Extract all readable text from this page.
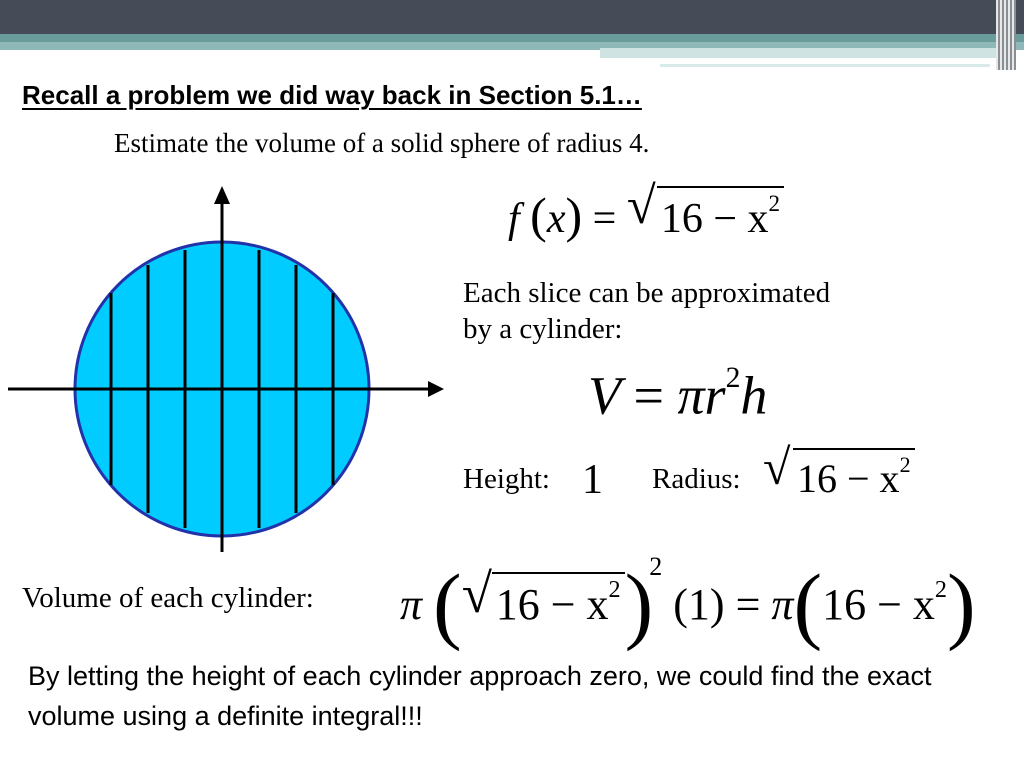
Recall a problem we did way back in Section 5.1…
Estimate the volume of a solid sphere of radius 4.
f (x) = √ $16 - x^2$
Each slice can be approximated
by a cylinder:
$V = \pi r^2h$
Height: 1 Radius: √ $16 - x^2$
Volume of each cylinder: π ( √ $16 - x^2)^2$ $(1) = \pi(16 - x^2)$
By letting the height of each cylinder approach zero, we could find the exact volume using a definite integral!!!
